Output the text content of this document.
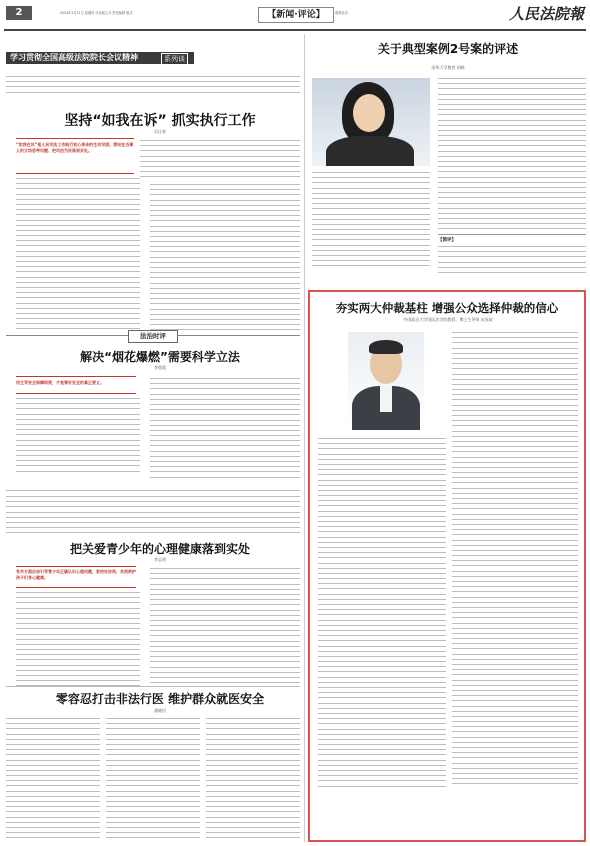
2	2024年1月11日 星期四 评论版主办 责任编辑 版式	联系电话：
【新闻·评论】	人民法院報
学习贯彻全国高级法院院长会议精神	系列谈
坚持“如我在诉” 抓实执行工作
吴仕春
“如我在诉”是人民司法工作践行初心使命的生动写照。要站在当事人的立场思考问题、把司法为民落到实处。
法治时评
解决“烟花爆燃”需要科学立法
李朋震
用主导安全保障职责，才是管好安全的真正要义。
把关爱青少年的心理健康落到实处
李志勇
有关方面应该引导青少年正确认识心理问题，家校社协同，共同呵护孩子们身心健康。
零容忍打击非法行医 维护群众就医安全
潘晓田
关于典型案例2号案的评述
清华大学教授 胡晓
【简评】
夯实两大仲裁基柱 增强公众选择仲裁的信心
中国政法大学国际法学院教授、博士生导师 宋连斌
